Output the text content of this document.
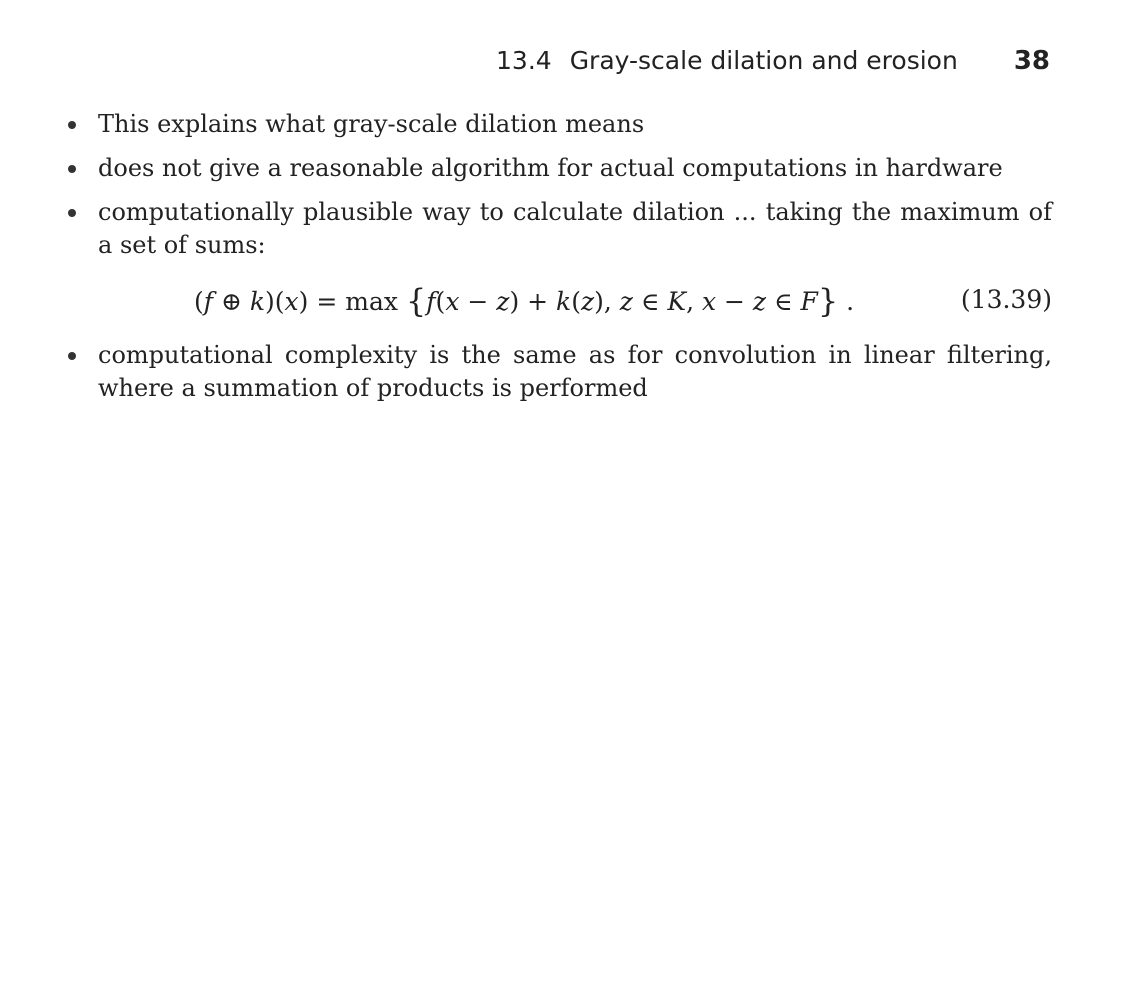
13.4 Gray-scale dilation and erosion 38
This explains what gray-scale dilation means
does not give a reasonable algorithm for actual computations in hardware
computationally plausible way to calculate dilation ... taking the maximum of a set of sums:
(f ⊕ k)(x) = max {f(x − z) + k(z), z ∈ K, x − z ∈ F} .	(13.39)
computational complexity is the same as for convolution in linear filtering, where a summation of products is performed
